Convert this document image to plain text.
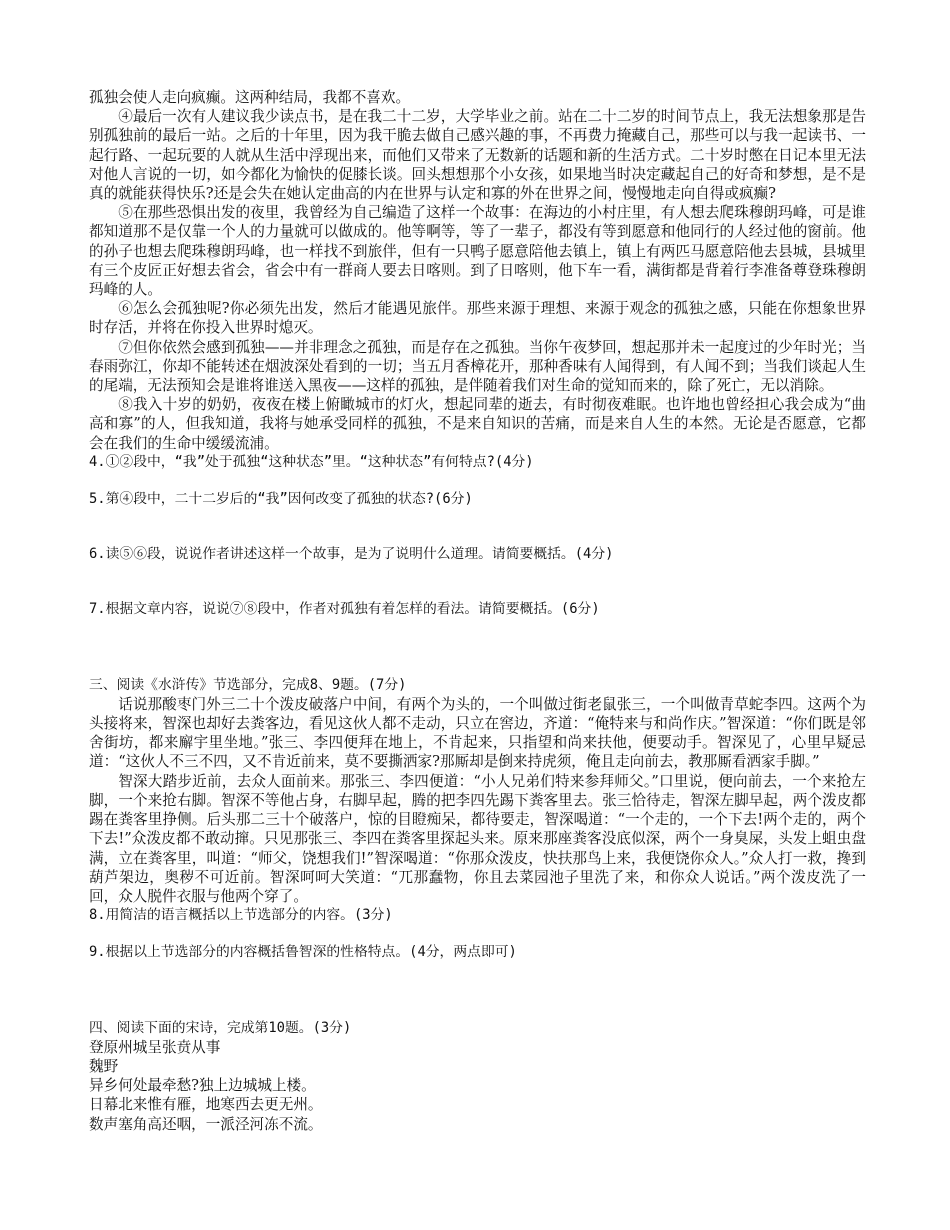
孤独会使人走向疯癫。这两种结局，我都不喜欢。

④最后一次有人建议我少读点书，是在我二十二岁，大学毕业之前。站在二十二岁的时间节点上，我无法想象那是告别孤独前的最后一站。之后的十年里，因为我干脆去做自己感兴趣的事，不再费力掩藏自己，那些可以与我一起读书、一起行路、一起玩要的人就从生活中浮现出来，而他们又带来了无数新的话题和新的生活方式。二十岁时憋在日记本里无法对他人言说的一切，如今都化为愉快的促膝长谈。回头想想那个小女孩，如果地当时决定藏起自己的好奇和梦想，是不是真的就能获得快乐?还是会失在她认定曲高的内在世界与认定和寡的外在世界之间，慢慢地走向自得或疯癫?

⑤在那些恐惧出发的夜里，我曾经为自己编造了这样一个故事：在海边的小村庄里，有人想去爬珠穆朗玛峰，可是谁都知道那不是仅靠一个人的力量就可以做成的。他等啊等，等了一辈子，都没有等到愿意和他同行的人经过他的窗前。他的孙子也想去爬珠穆朗玛峰，也一样找不到旅伴，但有一只鸭子愿意陪他去镇上，镇上有两匹马愿意陪他去县城，县城里有三个皮匠正好想去省会，省会中有一群商人要去日喀则。到了日喀则，他下车一看，满街都是背着行李准备尊登珠穆朗玛峰的人。

⑥怎么会孤独呢?你必须先出发，然后才能遇见旅伴。那些来源于理想、来源于观念的孤独之感，只能在你想象世界时存活，并将在你投入世界时熄灭。

⑦但你依然会感到孤独——并非理念之孤独，而是存在之孤独。当你午夜梦回，想起那并未一起度过的少年时光；当春雨弥江，你却不能转述在烟波深处看到的一切；当五月香樟花开，那种香味有人闻得到，有人闻不到；当我们谈起人生的尾端，无法预知会是谁将谁送入黑夜——这样的孤独，是伴随着我们对生命的觉知而来的，除了死亡，无以消除。

⑧我入十岁的奶奶，夜夜在楼上俯瞰城市的灯火，想起同辈的逝去，有时彻夜难眠。也许地也曾经担心我会成为“曲高和寡”的人，但我知道，我将与她承受同样的孤独，不是来自知识的苦痛，而是来自人生的本然。无论是否愿意，它都会在我们的生命中缓缓流浦。

4.①②段中，“我”处于孤独“这种状态”里。“这种状态”有何特点?(4分)

5.第④段中，二十二岁后的“我”因何改变了孤独的状态?(6分)

6.读⑤⑥段，说说作者讲述这样一个故事，是为了说明什么道理。请简要概括。(4分)

7.根据文章内容，说说⑦⑧段中，作者对孤独有着怎样的看法。请简要概括。(6分)

三、阅读《水浒传》节选部分，完成8、9题。(7分)

话说那酸枣门外三二十个泼皮破落户中间，有两个为头的，一个叫做过街老鼠张三，一个叫做青草蛇李四。这两个为头接将来，智深也却好去粪客边，看见这伙人都不走动，只立在窖边，齐道：“俺特来与和尚作庆。”智深道：“你们既是邻舍街坊，都来廨宇里坐地。”张三、李四便拜在地上，不肯起来，只指望和尚来扶他，便要动手。智深见了，心里早疑忌道：“这伙人不三不四，又不肯近前来，莫不要撕洒家?那厮却是倒来持虎须，俺且走向前去，教那厮看洒家手脚。”

智深大踏步近前，去众人面前来。那张三、李四便道：“小人兄弟们特来参拜师父。”口里说，便向前去，一个来抢左脚，一个来抢右脚。智深不等他占身，右脚早起，腾的把李四先踢下粪客里去。张三恰待走，智深左脚早起，两个泼皮都踢在粪客里挣侧。后头那二三十个破落户，惊的目瞪痴呆，都待要走，智深喝道：“一个走的，一个下去!两个走的，两个下去!”众泼皮都不敢动撺。只见那张三、李四在粪客里探起头来。原来那座粪客没底似深，两个一身臭屎，头发上蛆虫盘满，立在粪客里，叫道：“师父，饶想我们!”智深喝道：“你那众泼皮，快扶那鸟上来，我便饶你众人。”众人打一救，搀到葫芦架边，奥秽不可近前。智深呵呵大笑道：“兀那蠢物，你且去菜园池子里洗了来，和你众人说话。”两个泼皮洗了一回，众人脱件衣服与他两个穿了。

8.用简洁的语言概括以上节选部分的内容。(3分)

9.根据以上节选部分的内容概括鲁智深的性格特点。(4分，两点即可)

四、阅读下面的宋诗，完成第10题。(3分)

登原州城呈张贲从事

魏野

异乡何处最牵愁?独上边城城上楼。

日幕北来惟有雁，地寒西去更无州。

数声塞角高还咽，一派泾河冻不流。
